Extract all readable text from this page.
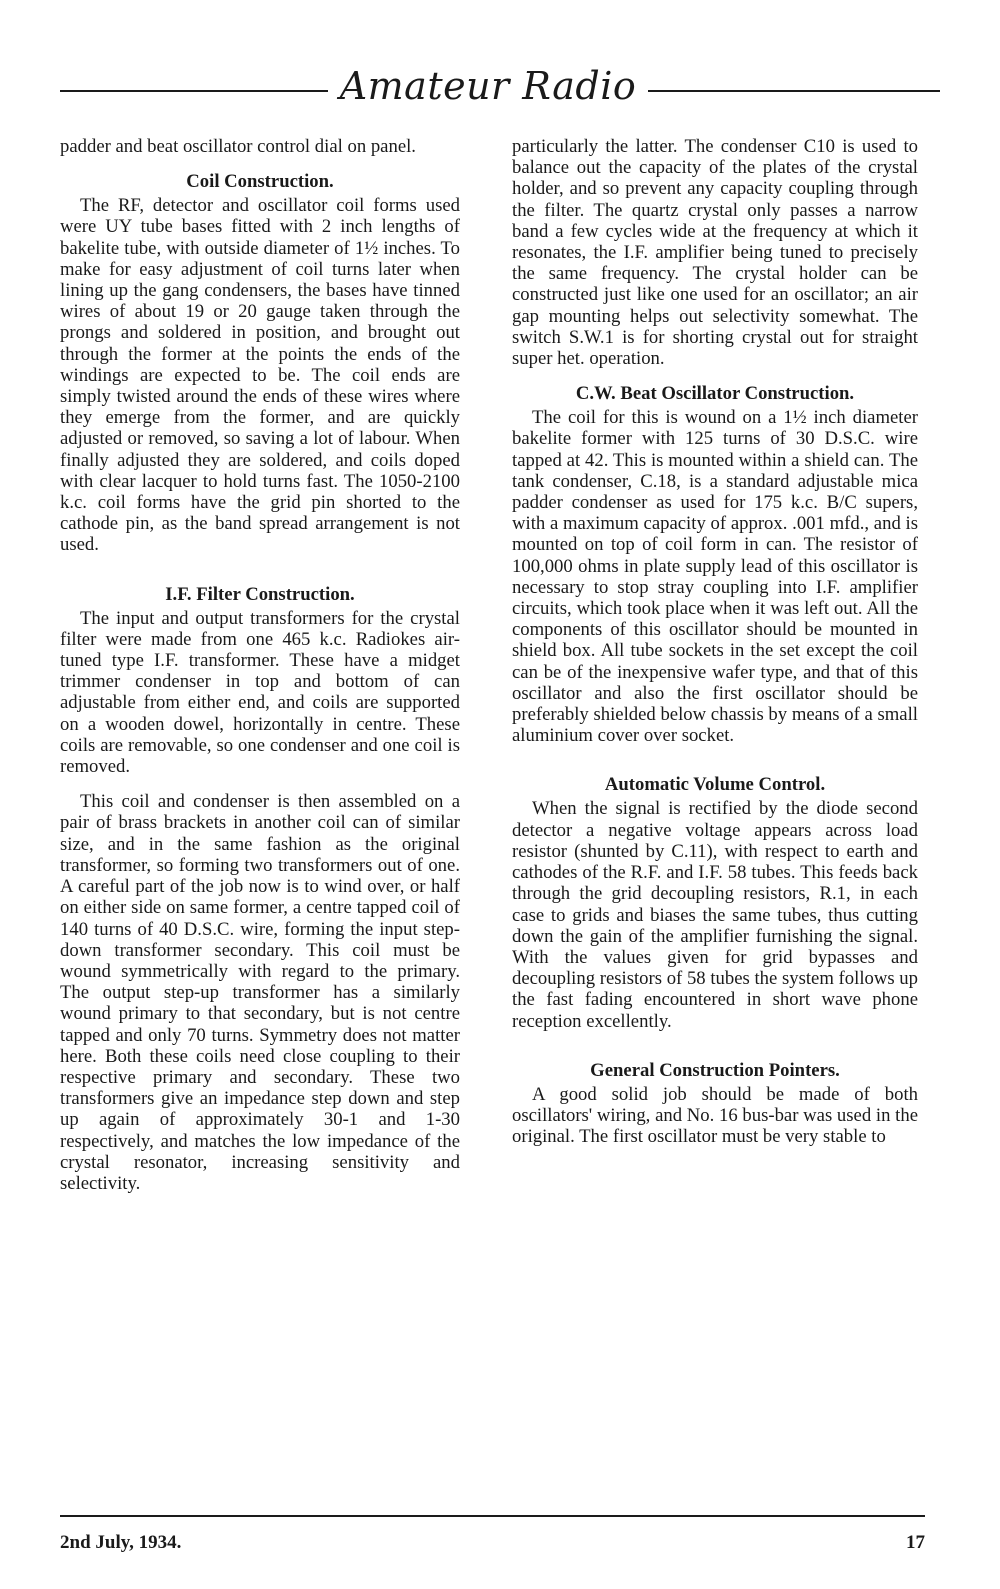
Amateur Radio

padder and beat oscillator control dial on panel.

Coil Construction.

The RF, detector and oscillator coil forms used were UY tube bases fitted with 2 inch lengths of bakelite tube, with outside diameter of 1½ inches. To make for easy adjustment of coil turns later when lining up the gang condensers, the bases have tinned wires of about 19 or 20 gauge taken through the prongs and soldered in position, and brought out through the former at the points the ends of the windings are expected to be. The coil ends are simply twisted around the ends of these wires where they emerge from the former, and are quickly adjusted or removed, so saving a lot of labour. When finally adjusted they are soldered, and coils doped with clear lacquer to hold turns fast. The 1050-2100 k.c. coil forms have the grid pin shorted to the cathode pin, as the band spread arrangement is not used.

I.F. Filter Construction.

The input and output transformers for the crystal filter were made from one 465 k.c. Radiokes air-tuned type I.F. transformer. These have a midget trimmer condenser in top and bottom of can adjustable from either end, and coils are supported on a wooden dowel, horizontally in centre. These coils are removable, so one condenser and one coil is removed.

This coil and condenser is then assembled on a pair of brass brackets in another coil can of similar size, and in the same fashion as the original transformer, so forming two transformers out of one. A careful part of the job now is to wind over, or half on either side on same former, a centre tapped coil of 140 turns of 40 D.S.C. wire, forming the input step-down transformer secondary. This coil must be wound symmetrically with regard to the primary. The output step-up transformer has a similarly wound primary to that secondary, but is not centre tapped and only 70 turns. Symmetry does not matter here. Both these coils need close coupling to their respective primary and secondary. These two transformers give an impedance step down and step up again of approximately 30-1 and 1-30 respectively, and matches the low impedance of the crystal resonator, increasing sensitivity and selectivity.

particularly the latter. The condenser C10 is used to balance out the capacity of the plates of the crystal holder, and so prevent any capacity coupling through the filter. The quartz crystal only passes a narrow band a few cycles wide at the frequency at which it resonates, the I.F. amplifier being tuned to precisely the same frequency. The crystal holder can be constructed just like one used for an oscillator; an air gap mounting helps out selectivity somewhat. The switch S.W.1 is for shorting crystal out for straight super het. operation.

C.W. Beat Oscillator Construction.

The coil for this is wound on a 1½ inch diameter bakelite former with 125 turns of 30 D.S.C. wire tapped at 42. This is mounted within a shield can. The tank condenser, C.18, is a standard adjustable mica padder condenser as used for 175 k.c. B/C supers, with a maximum capacity of approx. .001 mfd., and is mounted on top of coil form in can. The resistor of 100,000 ohms in plate supply lead of this oscillator is necessary to stop stray coupling into I.F. amplifier circuits, which took place when it was left out. All the components of this oscillator should be mounted in shield box. All tube sockets in the set except the coil can be of the inexpensive wafer type, and that of this oscillator and also the first oscillator should be preferably shielded below chassis by means of a small aluminium cover over socket.

Automatic Volume Control.

When the signal is rectified by the diode second detector a negative voltage appears across load resistor (shunted by C.11), with respect to earth and cathodes of the R.F. and I.F. 58 tubes. This feeds back through the grid decoupling resistors, R.1, in each case to grids and biases the same tubes, thus cutting down the gain of the amplifier furnishing the signal. With the values given for grid bypasses and decoupling resistors of 58 tubes the system follows up the fast fading encountered in short wave phone reception excellently.

General Construction Pointers.

A good solid job should be made of both oscillators' wiring, and No. 16 bus-bar was used in the original. The first oscillator must be very stable to

2nd July, 1934.	17
